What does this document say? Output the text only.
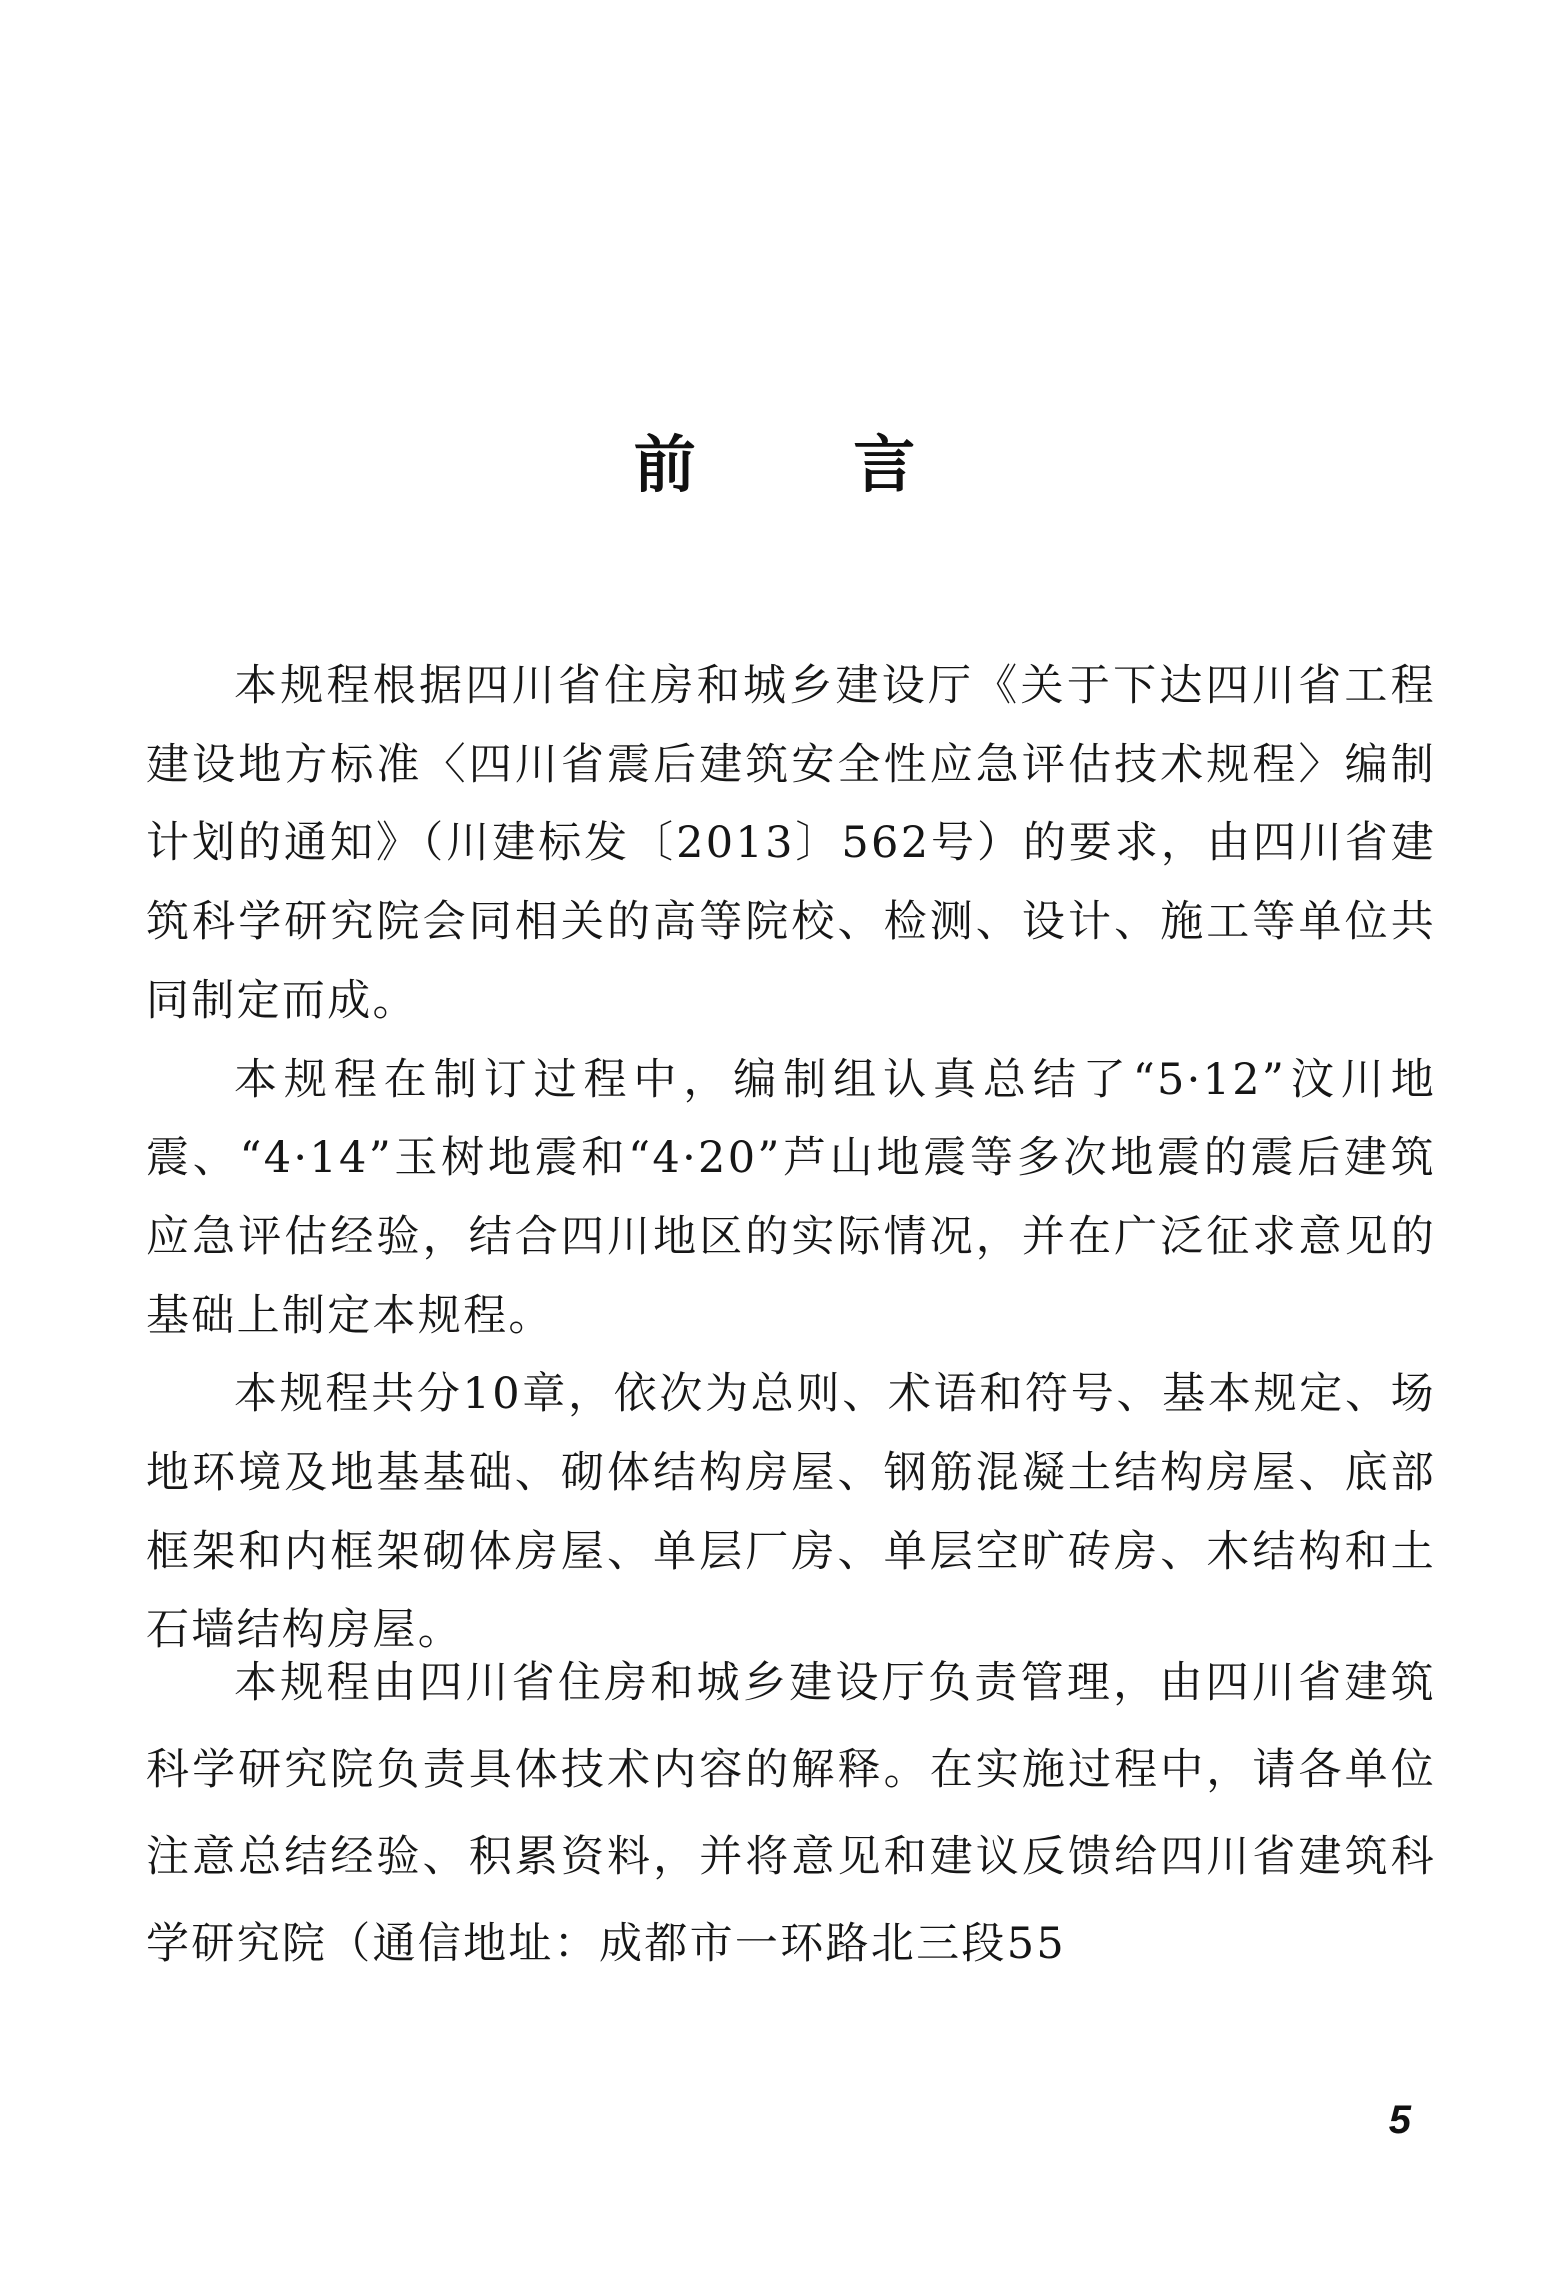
前 言

本规程根据四川省住房和城乡建设厅《关于下达四川省工程建设地方标准〈四川省震后建筑安全性应急评估技术规程〉编制计划的通知》（川建标发〔2013〕562号）的要求，由四川省建筑科学研究院会同相关的高等院校、检测、设计、施工等单位共同制定而成。

本规程在制订过程中，编制组认真总结了“5·12”汶川地震、“4·14”玉树地震和“4·20”芦山地震等多次地震的震后建筑应急评估经验，结合四川地区的实际情况，并在广泛征求意见的基础上制定本规程。

本规程共分10章，依次为总则、术语和符号、基本规定、场地环境及地基基础、砌体结构房屋、钢筋混凝土结构房屋、底部框架和内框架砌体房屋、单层厂房、单层空旷砖房、木结构和土石墙结构房屋。

本规程由四川省住房和城乡建设厅负责管理，由四川省建筑科学研究院负责具体技术内容的解释。在实施过程中，请各单位注意总结经验、积累资料，并将意见和建议反馈给四川省建筑科学研究院（通信地址：成都市一环路北三段55

5
